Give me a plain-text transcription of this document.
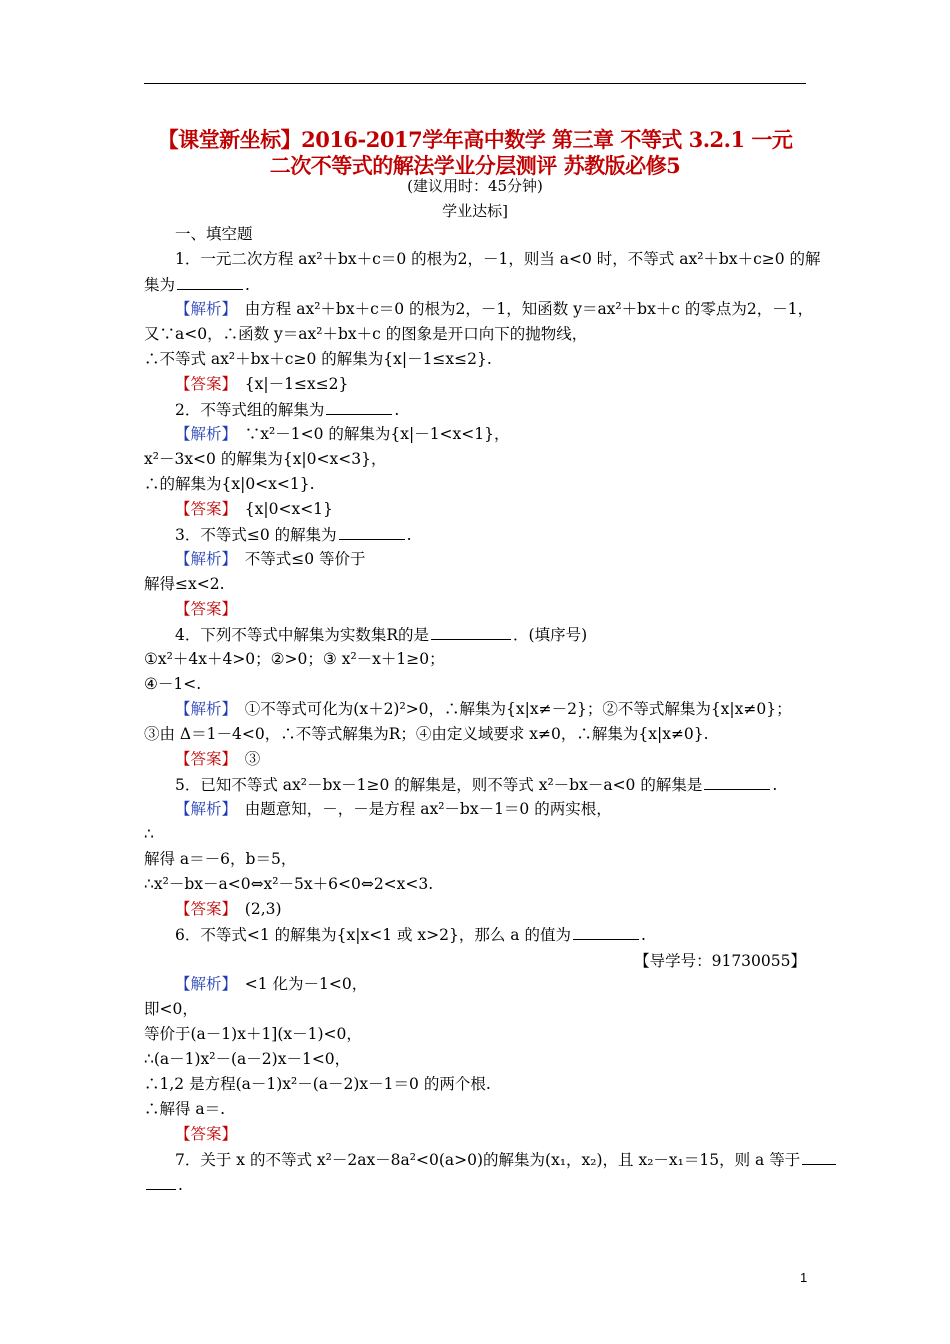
【课堂新坐标】2016-2017学年高中数学 第三章 不等式 3.2.1 一元
二次不等式的解法学业分层测评 苏教版必修5
(建议用时：45分钟)
学业达标]
一、填空题
1．一元二次方程 ax²＋bx＋c＝0 的根为2，－1，则当 a<0 时，不等式 ax²＋bx＋c≥0 的解
集为	.
【解析】　 由方程 ax²＋bx＋c＝0 的根为2，－1，知函数 y＝ax²＋bx＋c 的零点为2，－1，
又∵a<0，∴函数 y＝ax²＋bx＋c 的图象是开口向下的抛物线，
∴不等式 ax²＋bx＋c≥0 的解集为{x|－1≤x≤2}.
【答案】　 {x|－1≤x≤2}
2．不等式组的解集为	.
【解析】　 ∵x²－1<0 的解集为{x|－1<x<1}，
x²－3x<0 的解集为{x|0<x<3}，
∴的解集为{x|0<x<1}.
【答案】　 {x|0<x<1}
3．不等式≤0 的解集为	.
【解析】　 不等式≤0 等价于
解得≤x<2.
【答案】
4．下列不等式中解集为实数集R的是	．(填序号)
①x²＋4x＋4>0；②>0；③ x²－x＋1≥0；
④－1<.
【解析】　 ①不等式可化为(x＋2)²>0，∴解集为{x|x≠－2}；②不等式解集为{x|x≠0}；
③由 Δ＝1－4<0，∴不等式解集为R；④由定义域要求 x≠0，∴解集为{x|x≠0}.
【答案】　 ③
5．已知不等式 ax²－bx－1≥0 的解集是，则不等式 x²－bx－a<0 的解集是	.
【解析】　 由题意知，－，－是方程 ax²－bx－1＝0 的两实根，
∴
解得 a＝－6，b＝5，
∴x²－bx－a<0⇔x²－5x＋6<0⇔2<x<3.
【答案】　 (2,3)
6．不等式<1 的解集为{x|x<1 或 x>2}，那么 a 的值为	.
【导学号：91730055】
【解析】　 <1 化为－1<0，
即<0，
等价于(a－1)x＋1](x－1)<0，
∴(a－1)x²－(a－2)x－1<0，
∴1,2 是方程(a－1)x²－(a－2)x－1＝0 的两个根.
∴解得 a＝.
【答案】
7．关于 x 的不等式 x²－2ax－8a²<0(a>0)的解集为(x₁，x₂)，且 x₂－x₁＝15，则 a 等于
.
1
